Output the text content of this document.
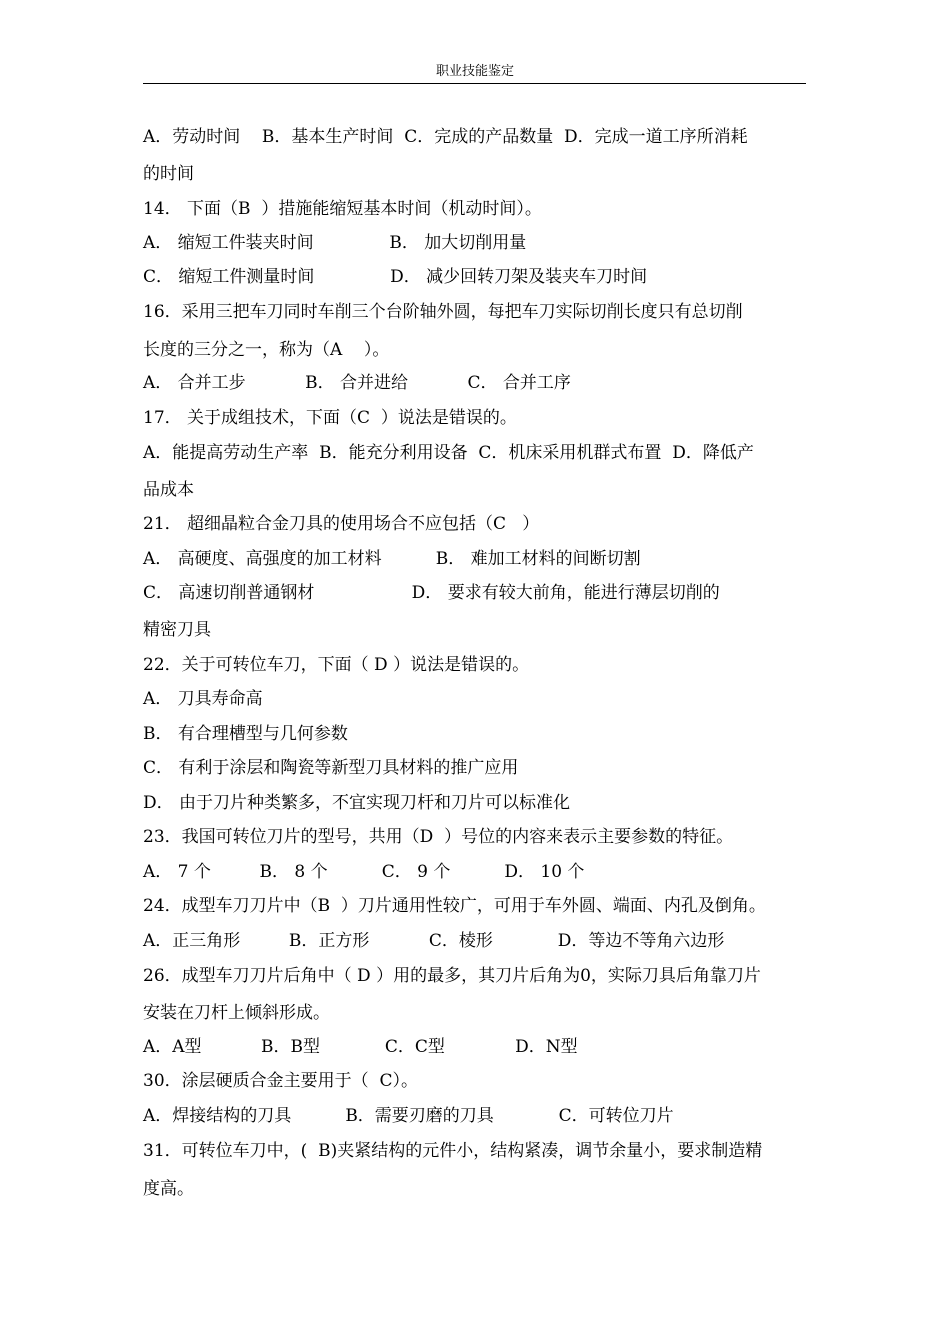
职业技能鉴定
A．劳动时间    B．基本生产时间  C．完成的产品数量  D．完成一道工序所消耗
的时间
14． 下面（B  ）措施能缩短基本时间（机动时间）。
A． 缩短工件装夹时间              B． 加大切削用量
C． 缩短工件测量时间              D． 减少回转刀架及装夹车刀时间
16．采用三把车刀同时车削三个台阶轴外圆，每把车刀实际切削长度只有总切削
长度的三分之一，称为（A    ）。
A． 合并工步           B． 合并进给           C． 合并工序
17． 关于成组技术，下面（C  ）说法是错误的。
A．能提高劳动生产率  B．能充分利用设备  C．机床采用机群式布置  D．降低产
品成本
21． 超细晶粒合金刀具的使用场合不应包括（C   ）
A． 高硬度、高强度的加工材料          B． 难加工材料的间断切割
C． 高速切削普通钢材                  D． 要求有较大前角，能进行薄层切削的
精密刀具
22．关于可转位车刀，下面（ D ）说法是错误的。
A． 刀具寿命高
B． 有合理槽型与几何参数
C． 有利于涂层和陶瓷等新型刀具材料的推广应用
D． 由于刀片种类繁多，不宜实现刀杆和刀片可以标准化
23．我国可转位刀片的型号，共用（D  ）号位的内容来表示主要参数的特征。
A． 7 个         B． 8 个          C． 9 个          D． 10 个
24．成型车刀刀片中（B  ）刀片通用性较广，可用于车外圆、端面、内孔及倒角。
A．正三角形         B．正方形           C．棱形            D．等边不等角六边形
26．成型车刀刀片后角中（ D ）用的最多，其刀片后角为0，实际刀具后角靠刀片
安装在刀杆上倾斜形成。
A．A型           B．B型            C．C型             D．N型
30．涂层硬质合金主要用于（  C）。
A．焊接结构的刀具          B．需要刃磨的刀具            C．可转位刀片
31．可转位车刀中，(  B)夹紧结构的元件小，结构紧凑，调节余量小，要求制造精
度高。
